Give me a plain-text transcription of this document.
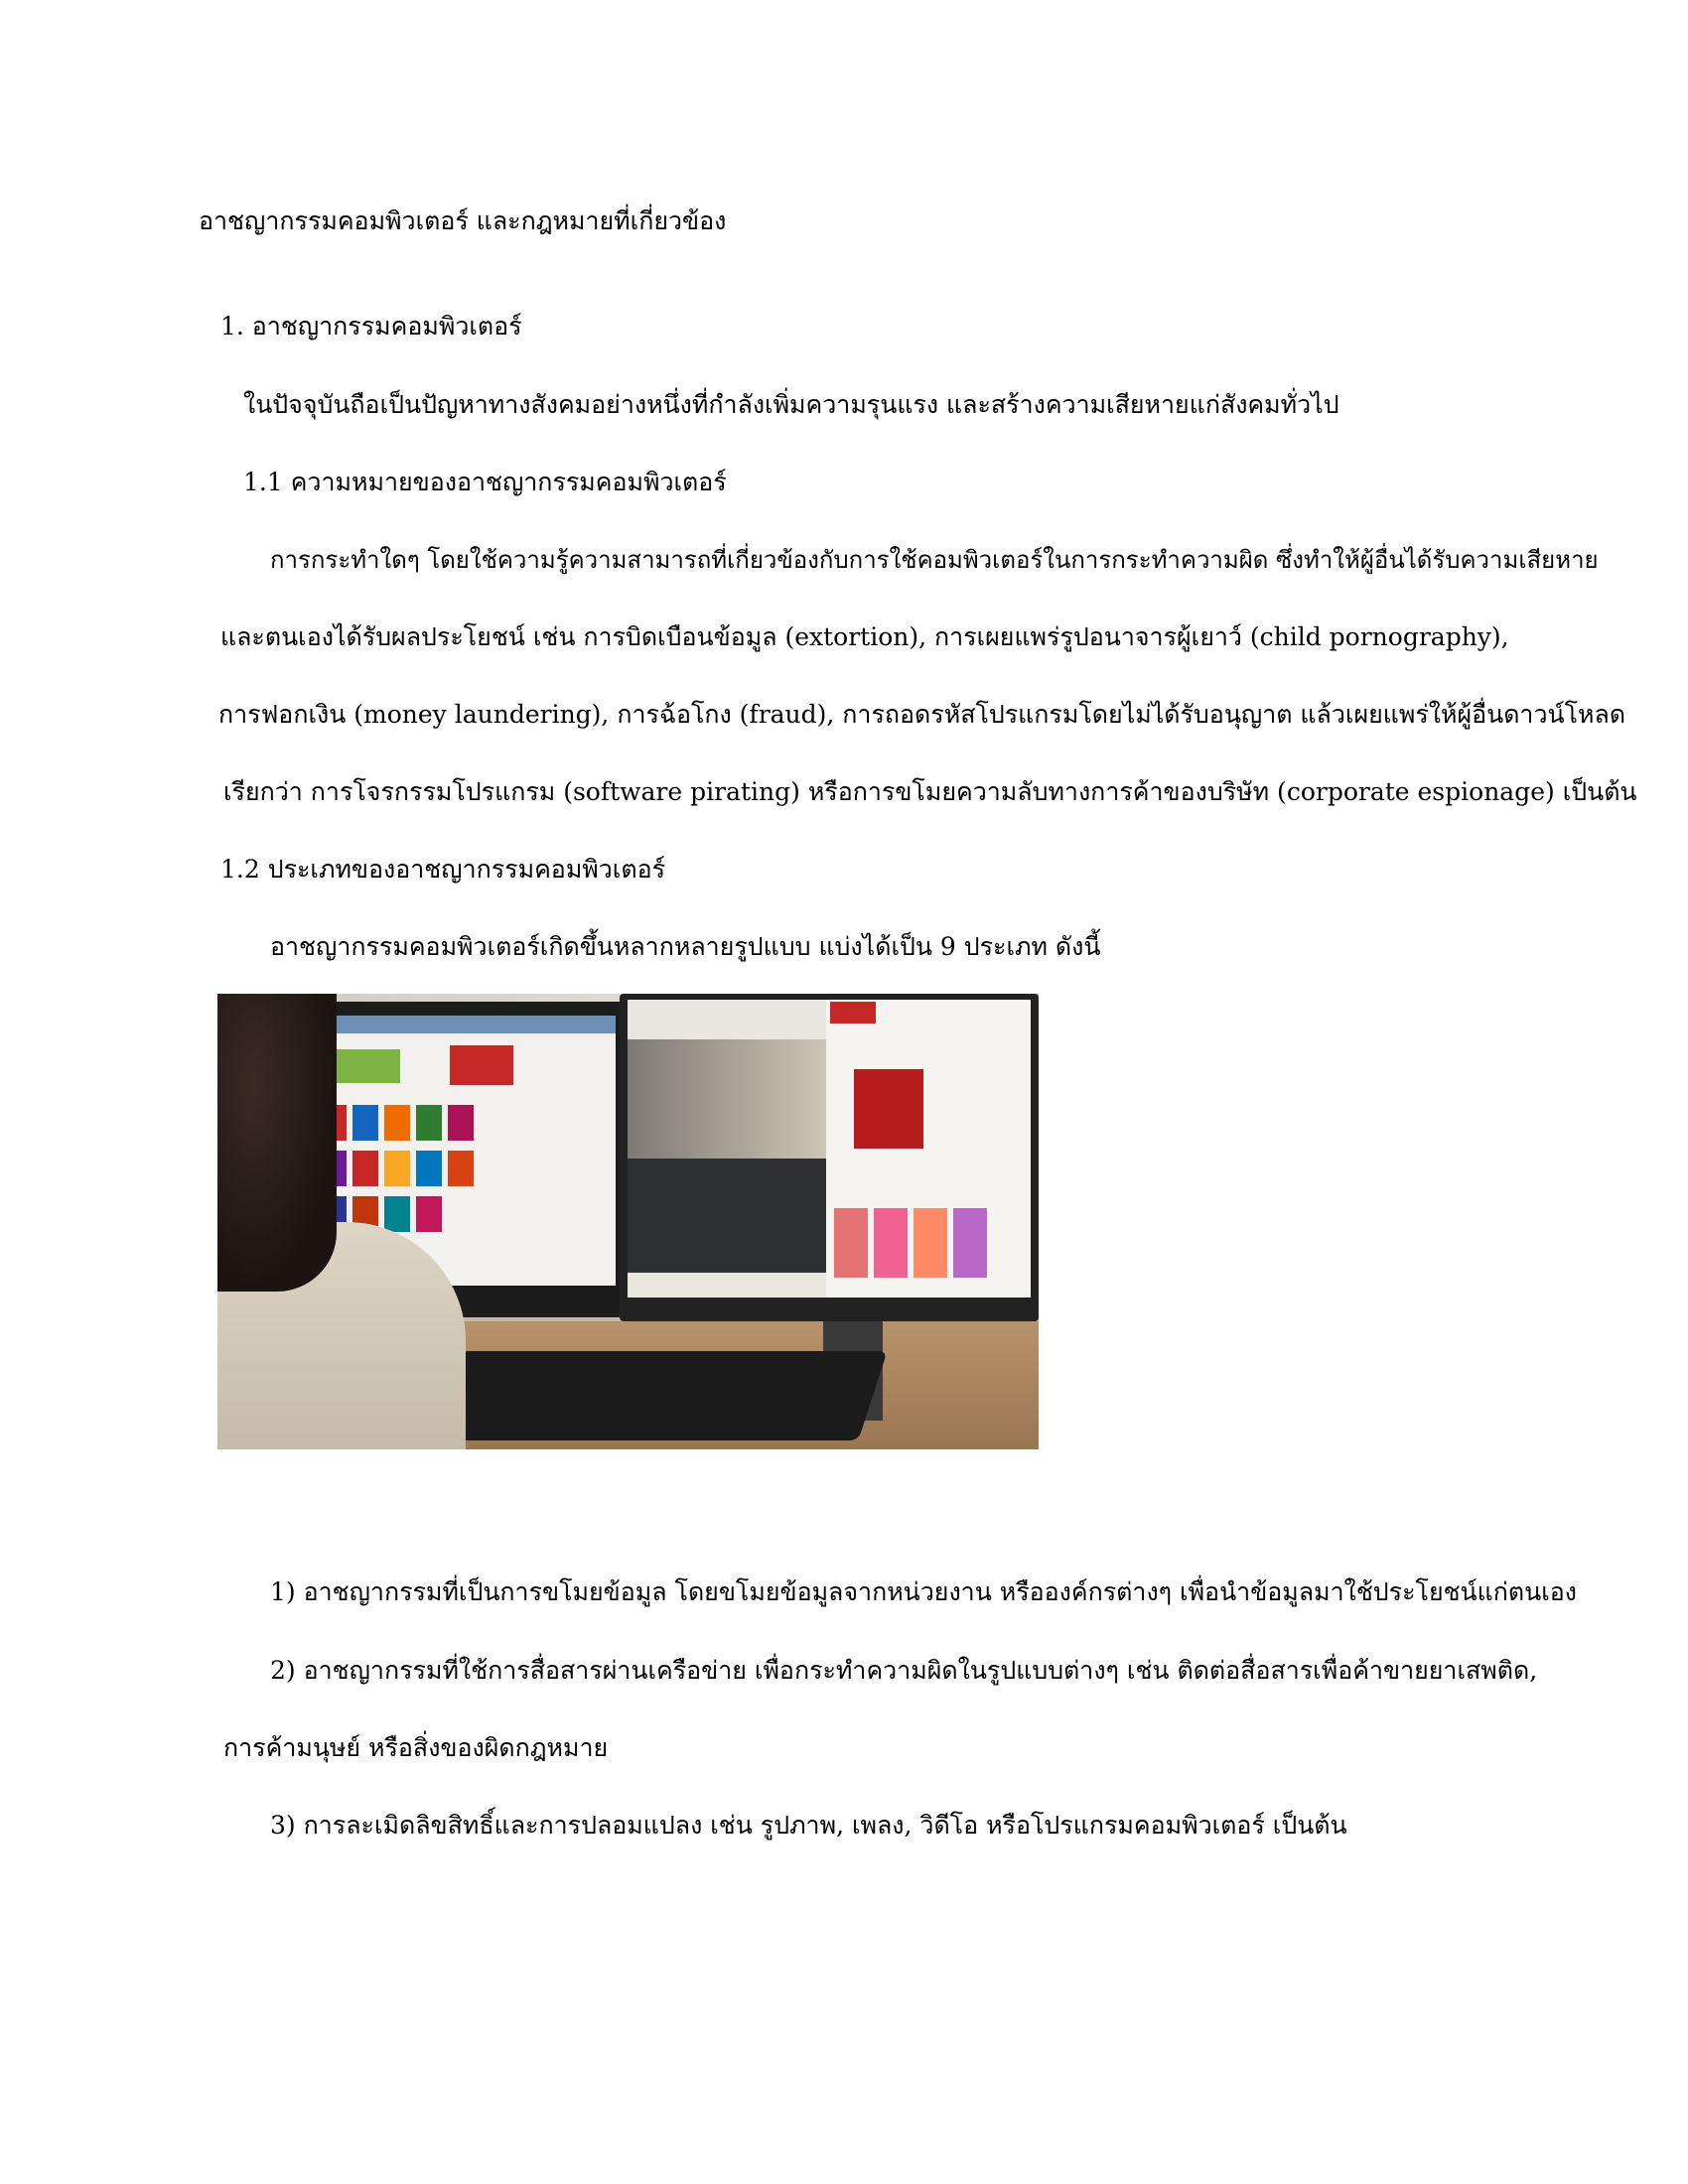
อาชญากรรมคอมพิวเตอร์ และกฎหมายที่เกี่ยวข้อง
1. อาชญากรรมคอมพิวเตอร์
ในปัจจุบันถือเป็นปัญหาทางสังคมอย่างหนึ่งที่กำลังเพิ่มความรุนแรง และสร้างความเสียหายแก่สังคมทั่วไป
1.1 ความหมายของอาชญากรรมคอมพิวเตอร์
การกระทำใดๆ โดยใช้ความรู้ความสามารถที่เกี่ยวข้องกับการใช้คอมพิวเตอร์ในการกระทำความผิด ซึ่งทำให้ผู้อื่นได้รับความเสียหาย
และตนเองได้รับผลประโยชน์ เช่น การบิดเบือนข้อมูล (extortion), การเผยแพร่รูปอนาจารผู้เยาว์ (child pornography),
การฟอกเงิน (money laundering), การฉ้อโกง (fraud), การถอดรหัสโปรแกรมโดยไม่ได้รับอนุญาต แล้วเผยแพร่ให้ผู้อื่นดาวน์โหลด
เรียกว่า การโจรกรรมโปรแกรม (software pirating) หรือการขโมยความลับทางการค้าของบริษัท (corporate espionage) เป็นต้น
1.2 ประเภทของอาชญากรรมคอมพิวเตอร์
อาชญากรรมคอมพิวเตอร์เกิดขึ้นหลากหลายรูปแบบ แบ่งได้เป็น 9 ประเภท ดังนี้
1) อาชญากรรมที่เป็นการขโมยข้อมูล โดยขโมยข้อมูลจากหน่วยงาน หรือองค์กรต่างๆ เพื่อนำข้อมูลมาใช้ประโยชน์แก่ตนเอง
2) อาชญากรรมที่ใช้การสื่อสารผ่านเครือข่าย เพื่อกระทำความผิดในรูปแบบต่างๆ เช่น ติดต่อสื่อสารเพื่อค้าขายยาเสพติด,
การค้ามนุษย์ หรือสิ่งของผิดกฎหมาย
3) การละเมิดลิขสิทธิ์และการปลอมแปลง เช่น รูปภาพ, เพลง, วิดีโอ หรือโปรแกรมคอมพิวเตอร์ เป็นต้น
